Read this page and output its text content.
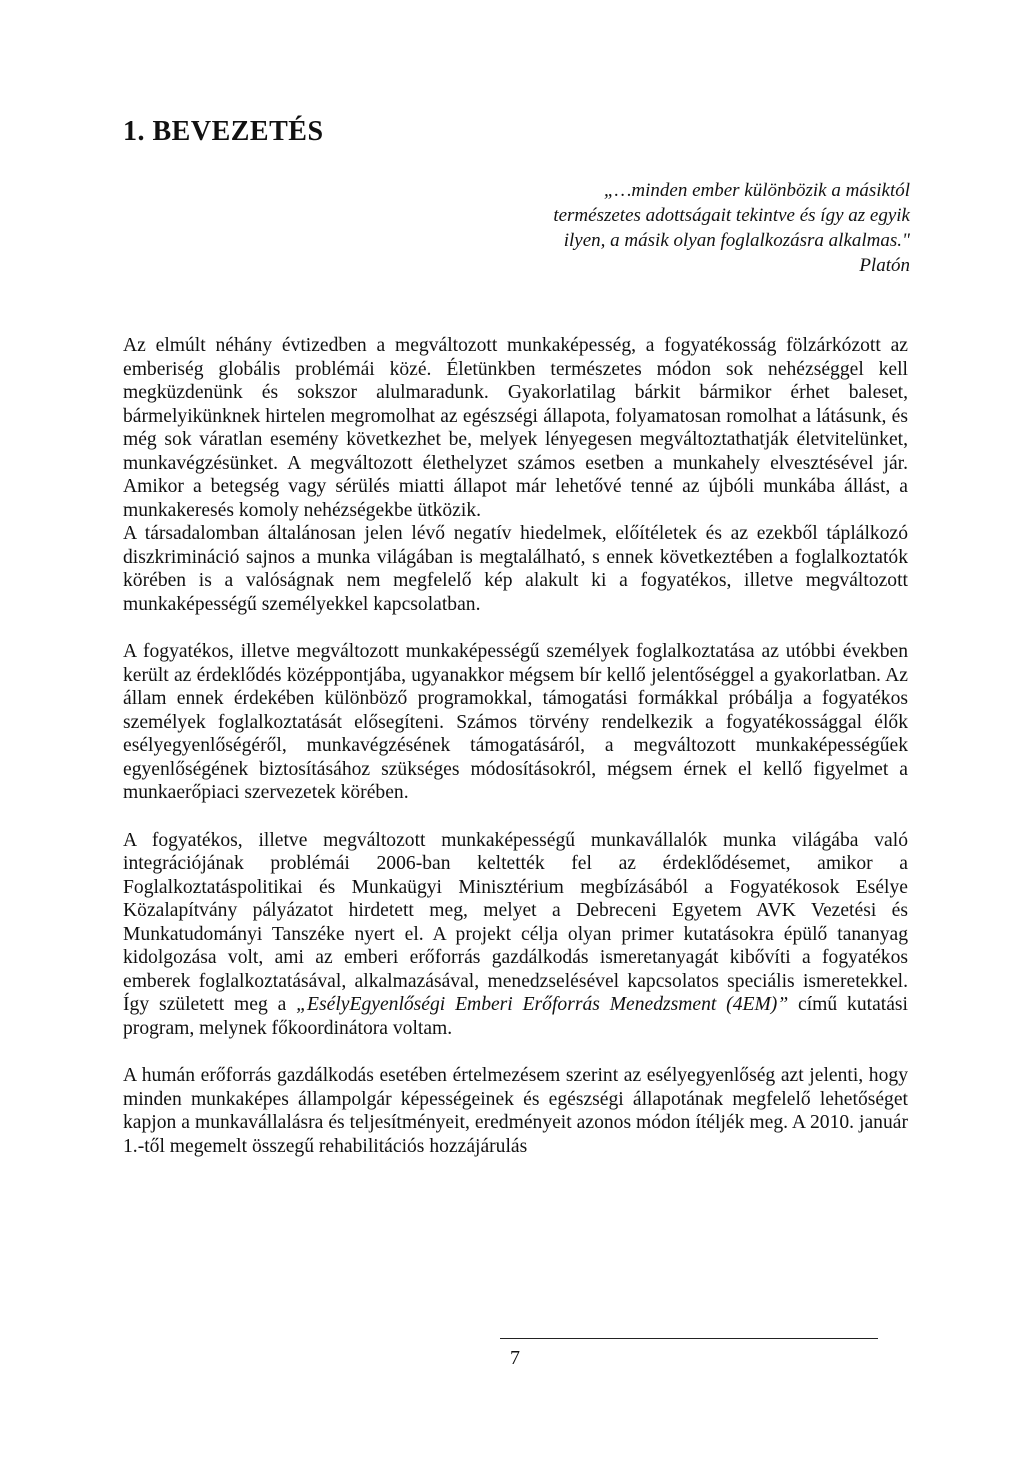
1. BEVEZETÉS
„…minden ember különbözik a másiktól
természetes adottságait tekintve és így az egyik
ilyen, a másik olyan foglalkozásra alkalmas."
Platón

Az elmúlt néhány évtizedben a megváltozott munkaképesség, a fogyatékosság fölzárkózott az emberiség globális problémái közé. Életünkben természetes módon sok nehézséggel kell megküzdenünk és sokszor alulmaradunk. Gyakorlatilag bárkit bármikor érhet baleset, bármelyikünknek hirtelen megromolhat az egészségi állapota, folyamatosan romolhat a látásunk, és még sok váratlan esemény következhet be, melyek lényegesen megváltoztathatják életvitelünket, munkavégzésünket. A megváltozott élethelyzet számos esetben a munkahely elvesztésével jár. Amikor a betegség vagy sérülés miatti állapot már lehetővé tenné az újbóli munkába állást, a munkakeresés komoly nehézségekbe ütközik.

A társadalomban általánosan jelen lévő negatív hiedelmek, előítéletek és az ezekből táplálkozó diszkrimináció sajnos a munka világában is megtalálható, s ennek következtében a foglalkoztatók körében is a valóságnak nem megfelelő kép alakult ki a fogyatékos, illetve megváltozott munkaképességű személyekkel kapcsolatban.

A fogyatékos, illetve megváltozott munkaképességű személyek foglalkoztatása az utóbbi években került az érdeklődés középpontjába, ugyanakkor mégsem bír kellő jelentőséggel a gyakorlatban. Az állam ennek érdekében különböző programokkal, támogatási formákkal próbálja a fogyatékos személyek foglalkoztatását elősegíteni. Számos törvény rendelkezik a fogyatékossággal élők esélyegyenlőségéről, munkavégzésének támogatásáról, a megváltozott munkaképességűek egyenlőségének biztosításához szükséges módosításokról, mégsem érnek el kellő figyelmet a munkaerőpiaci szervezetek körében.

A fogyatékos, illetve megváltozott munkaképességű munkavállalók munka világába való integrációjának problémái 2006-ban keltették fel az érdeklődésemet, amikor a Foglalkoztatáspolitikai és Munkaügyi Minisztérium megbízásából a Fogyatékosok Esélye Közalapítvány pályázatot hirdetett meg, melyet a Debreceni Egyetem AVK Vezetési és Munkatudományi Tanszéke nyert el. A projekt célja olyan primer kutatásokra épülő tananyag kidolgozása volt, ami az emberi erőforrás gazdálkodás ismeretanyagát kibővíti a fogyatékos emberek foglalkoztatásával, alkalmazásával, menedzselésével kapcsolatos speciális ismeretekkel. Így született meg a „EsélyEgyenlőségi Emberi Erőforrás Menedzsment (4EM)” című kutatási program, melynek főkoordinátora voltam.

A humán erőforrás gazdálkodás esetében értelmezésem szerint az esélyegyenlőség azt jelenti, hogy minden munkaképes állampolgár képességeinek és egészségi állapotának megfelelő lehetőséget kapjon a munkavállalásra és teljesítményeit, eredményeit azonos módon ítéljék meg. A 2010. január 1.-től megemelt összegű rehabilitációs hozzájárulás

7
